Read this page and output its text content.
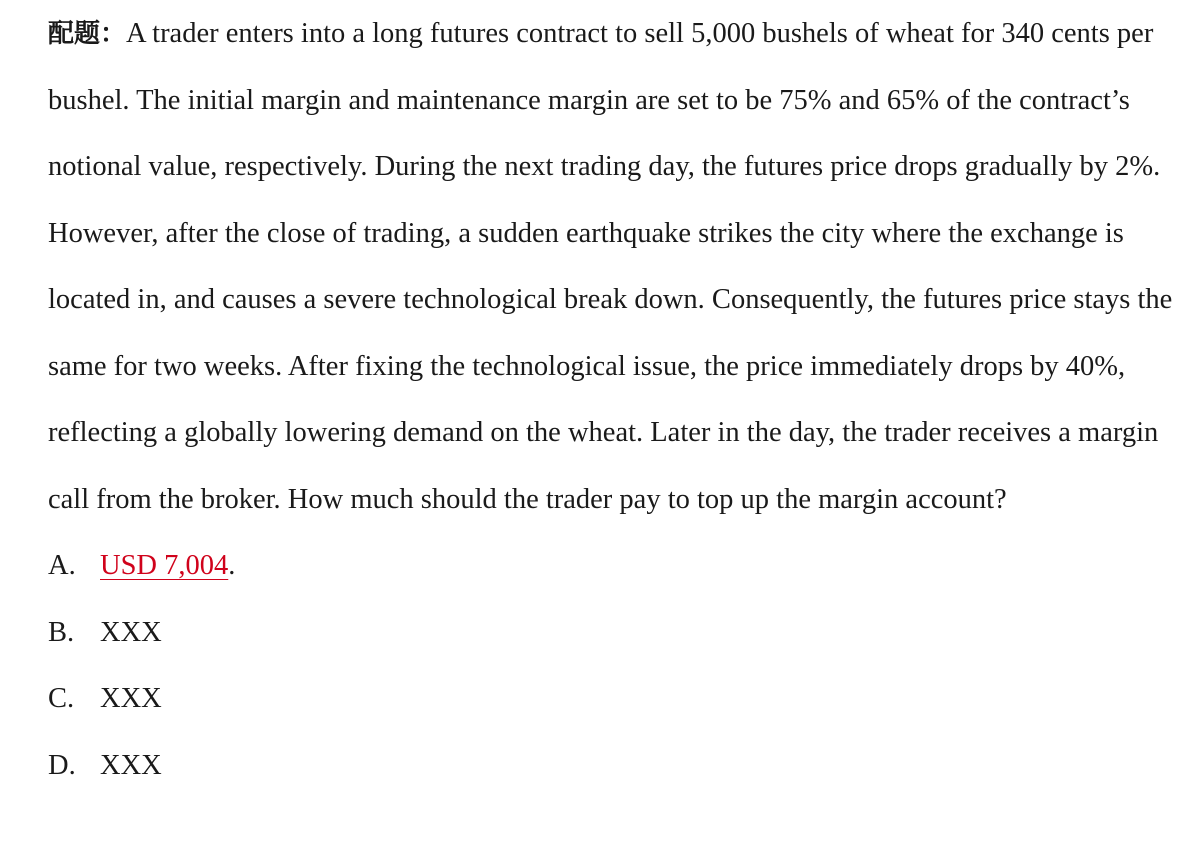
配题：A trader enters into a long futures contract to sell 5,000 bushels of wheat for 340 cents per bushel. The initial margin and maintenance margin are set to be 75% and 65% of the contract’s notional value, respectively. During the next trading day, the futures price drops gradually by 2%. However, after the close of trading, a sudden earthquake strikes the city where the exchange is located in, and causes a severe technological break down. Consequently, the futures price stays the same for two weeks. After fixing the technological issue, the price immediately drops by 40%, reflecting a globally lowering demand on the wheat. Later in the day, the trader receives a margin call from the broker. How much should the trader pay to top up the margin account?

A. USD 7,004.
B. XXX
C. XXX
D. XXX
